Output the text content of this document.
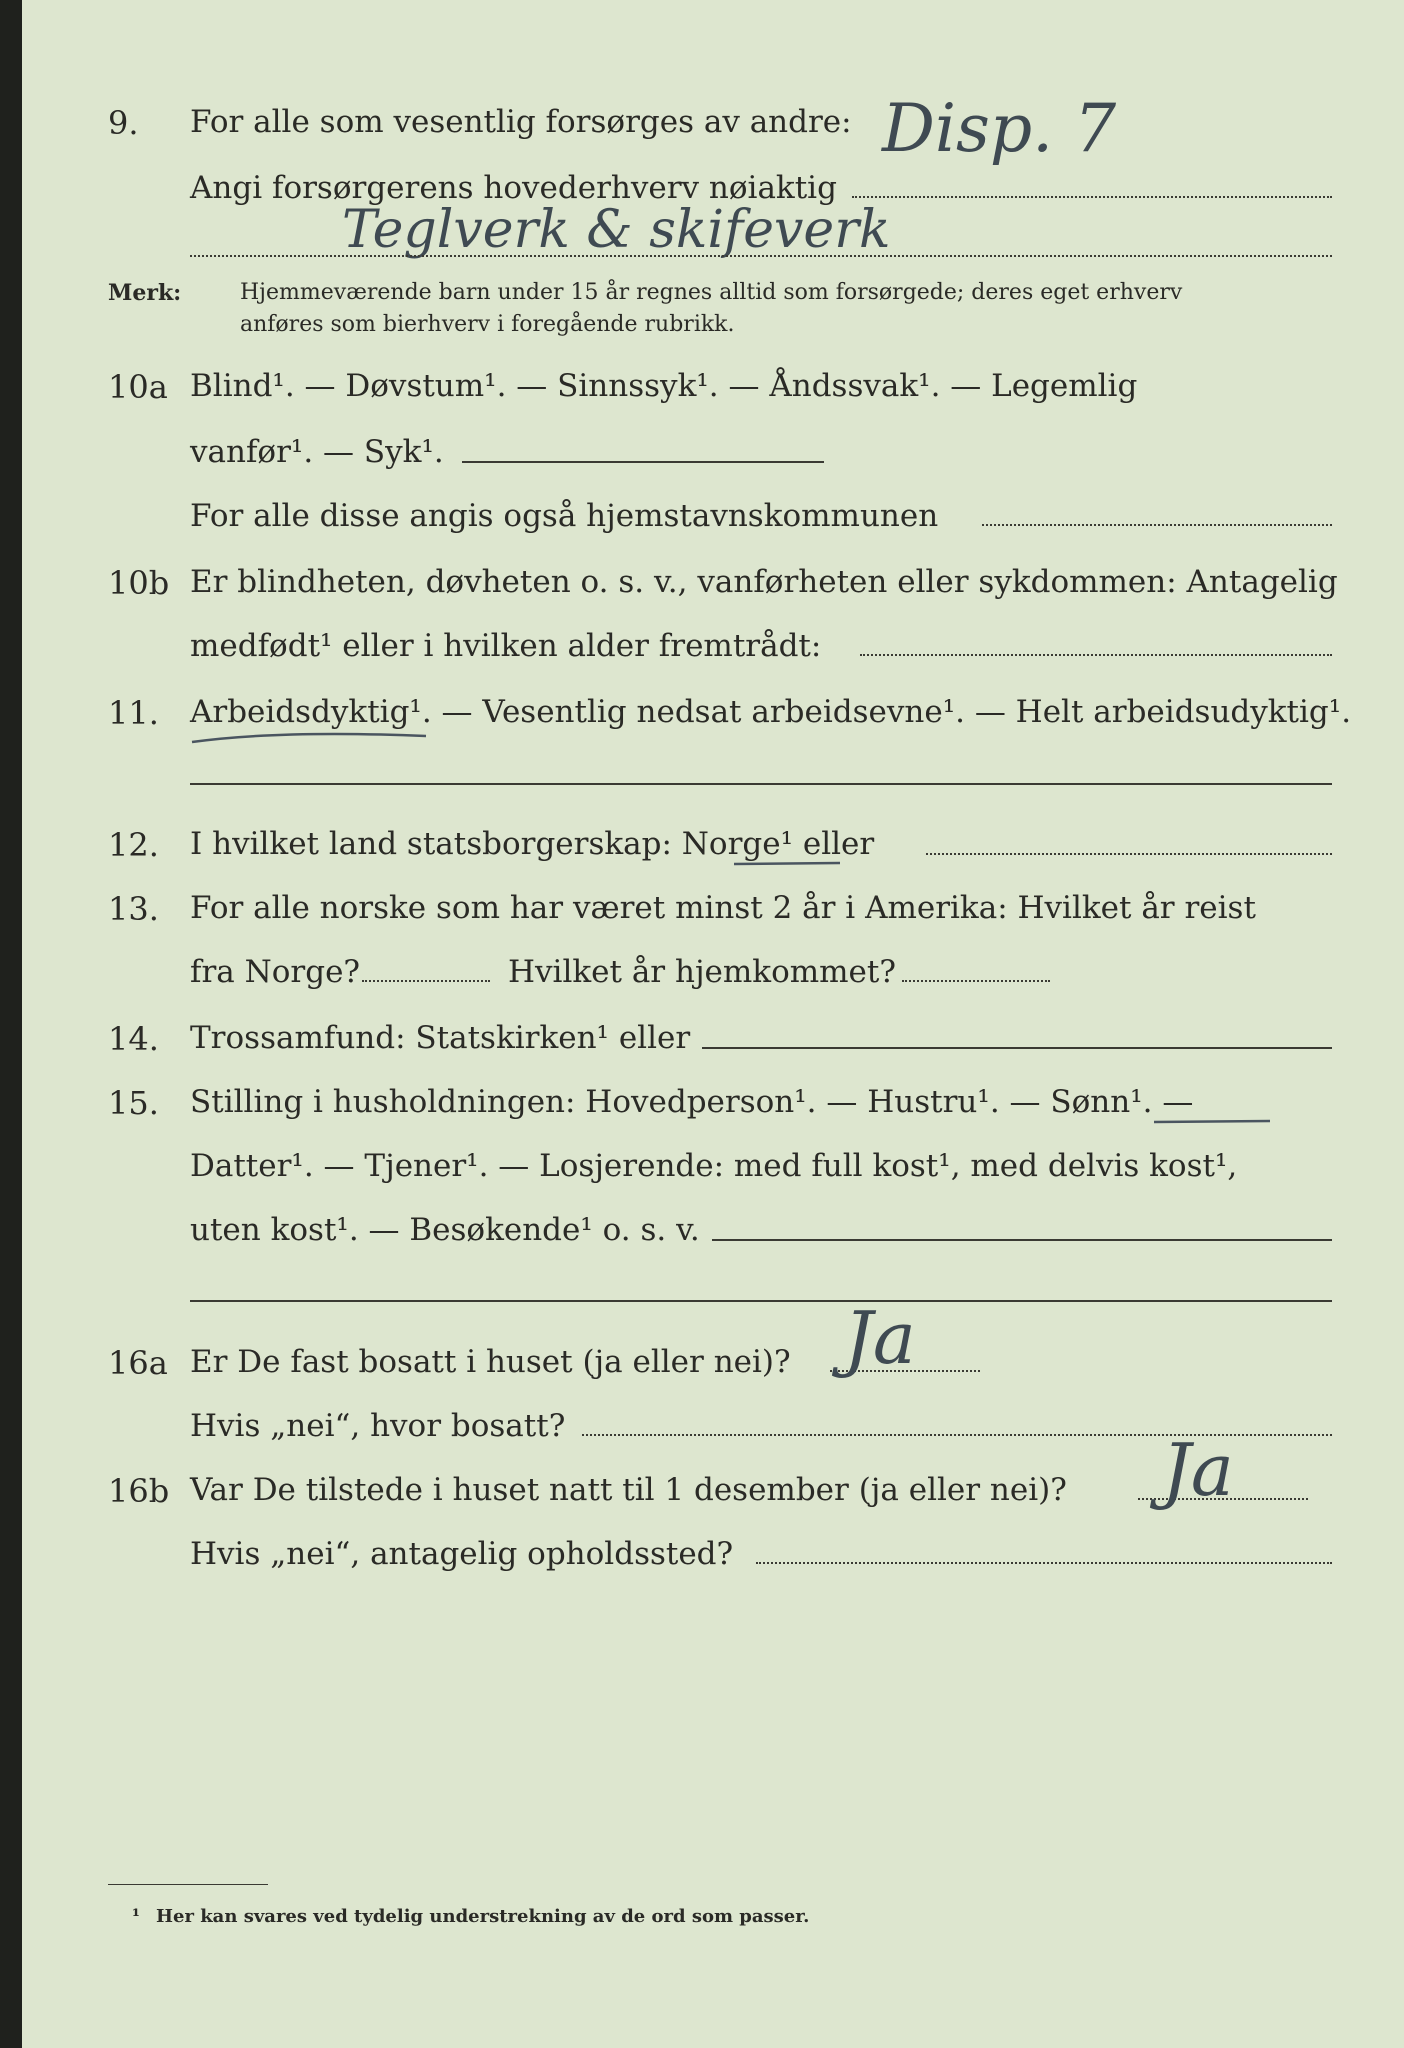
9. For alle som vesentlig forsørges av andre: Disp. 7
Angi forsørgerens hovederhverv nøiaktig
Teglverk & skifeverk
Merk:	Hjemmeværende barn under 15 år regnes alltid som forsørgede; deres eget erhverv
anføres som bierhverv i foregående rubrikk.
10a Blind¹. — Døvstum¹. — Sinnssyk¹. — Åndssvak¹. — Legemlig
vanfør¹. — Syk¹.
For alle disse angis også hjemstavnskommunen
10b Er blindheten, døvheten o. s. v., vanførheten eller sykdommen: Antagelig
medfødt¹ eller i hvilken alder fremtrådt:
11. Arbeidsdyktig¹. — Vesentlig nedsat arbeidsevne¹. — Helt arbeidsudyktig¹.
12. I hvilket land statsborgerskap: Norge¹ eller
13. For alle norske som har været minst 2 år i Amerika: Hvilket år reist
fra Norge?	Hvilket år hjemkommet?
14. Trossamfund: Statskirken¹ eller
15. Stilling i husholdningen: Hovedperson¹. — Hustru¹. — Sønn¹. —
Datter¹. — Tjener¹. — Losjerende: med full kost¹, med delvis kost¹,
uten kost¹. — Besøkende¹ o. s. v.
16a Er De fast bosatt i huset (ja eller nei)? Ja
Hvis „nei“, hvor bosatt?
16b Var De tilstede i huset natt til 1 desember (ja eller nei)? Ja
Hvis „nei“, antagelig opholdssted?
¹ Her kan svares ved tydelig understrekning av de ord som passer.
